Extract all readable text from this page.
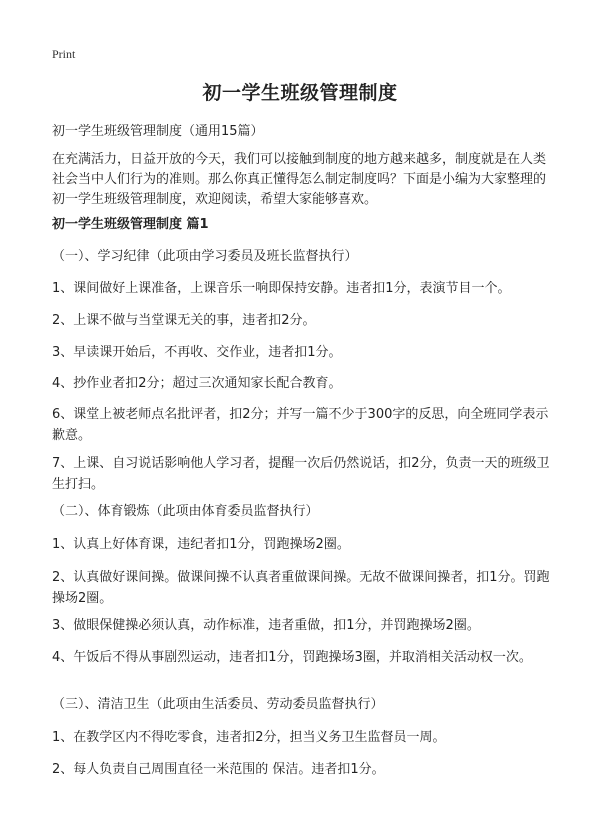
Print
初一学生班级管理制度

初一学生班级管理制度（通用15篇）

在充满活力，日益开放的今天，我们可以接触到制度的地方越来越多，制度就是在人类社会当中人们行为的准则。那么你真正懂得怎么制定制度吗？下面是小编为大家整理的初一学生班级管理制度，欢迎阅读，希望大家能够喜欢。

初一学生班级管理制度 篇1

（一）、学习纪律（此项由学习委员及班长监督执行）

1、课间做好上课准备，上课音乐一响即保持安静。违者扣1分，表演节目一个。

2、上课不做与当堂课无关的事，违者扣2分。

3、早读课开始后，不再收、交作业，违者扣1分。

4、抄作业者扣2分；超过三次通知家长配合教育。

6、课堂上被老师点名批评者，扣2分；并写一篇不少于300字的反思，向全班同学表示歉意。

7、上课、自习说话影响他人学习者，提醒一次后仍然说话，扣2分，负责一天的班级卫生打扫。

（二）、体育锻炼（此项由体育委员监督执行）

1、认真上好体育课，违纪者扣1分，罚跑操场2圈。

2、认真做好课间操。做课间操不认真者重做课间操。无故不做课间操者，扣1分。罚跑操场2圈。

3、做眼保健操必须认真，动作标准，违者重做，扣1分，并罚跑操场2圈。

4、午饭后不得从事剧烈运动，违者扣1分，罚跑操场3圈，并取消相关活动权一次。

（三）、清洁卫生（此项由生活委员、劳动委员监督执行）

1、在教学区内不得吃零食，违者扣2分，担当义务卫生监督员一周。

2、每人负责自己周围直径一米范围的 保洁。违者扣1分。
